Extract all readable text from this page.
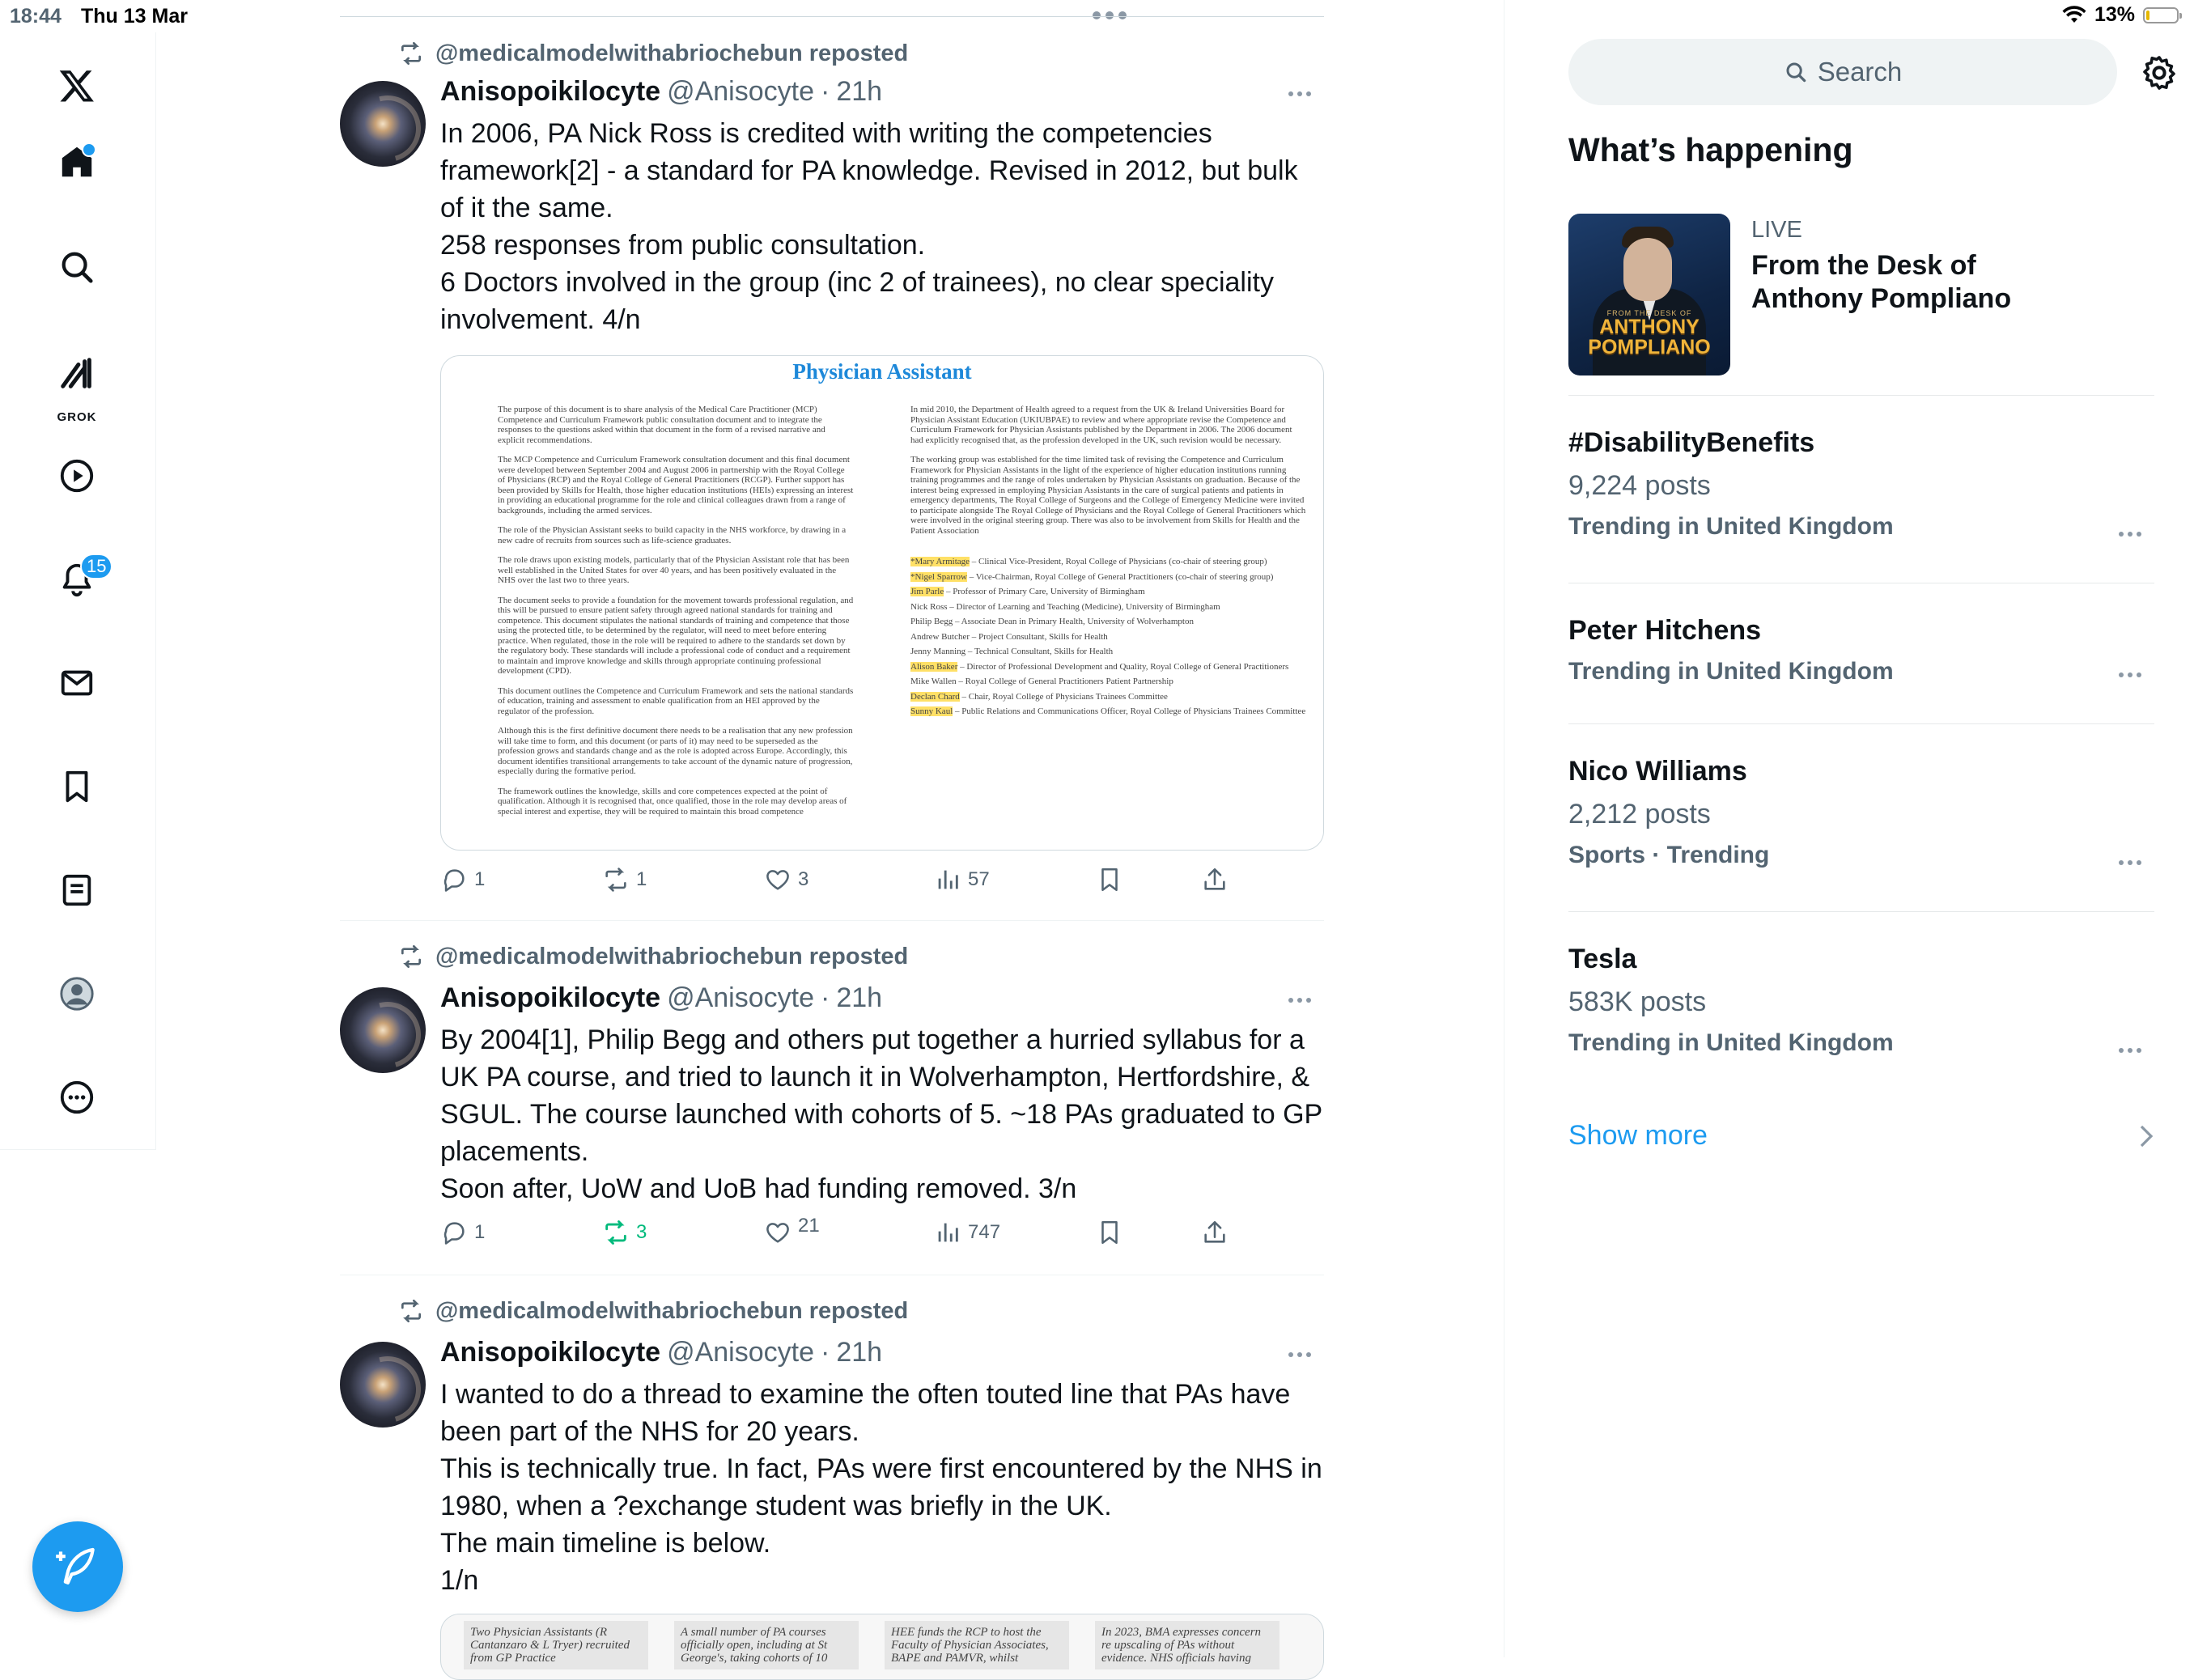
18:44 Thu 13 Mar	13%
GROK
15
@medicalmodelwithabriochebun reposted
Anisopoikilocyte @Anisocyte · 21h
In 2006, PA Nick Ross is credited with writing the competencies framework[2] - a standard for PA knowledge. Revised in 2012, but bulk of it the same.
258 responses from public consultation.
6 Doctors involved in the group (inc 2 of trainees), no clear speciality involvement. 4/n
Physician Assistant

The purpose of this document is to share analysis of the Medical Care Practitioner (MCP) Competence and Curriculum Framework public consultation document and to integrate the responses to the questions asked within that document in the form of a revised narrative and explicit recommendations.

The MCP Competence and Curriculum Framework consultation document and this final document were developed between September 2004 and August 2006 in partnership with the Royal College of Physicians (RCP) and the Royal College of General Practitioners (RCGP). Further support has been provided by Skills for Health, those higher education institutions (HEIs) expressing an interest in providing an educational programme for the role and clinical colleagues drawn from a range of backgrounds, including the armed services.

The role of the Physician Assistant seeks to build capacity in the NHS workforce, by drawing in a new cadre of recruits from sources such as life-science graduates.

The role draws upon existing models, particularly that of the Physician Assistant role that has been well established in the United States for over 40 years, and has been positively evaluated in the NHS over the last two to three years.

The document seeks to provide a foundation for the movement towards professional regulation, and this will be pursued to ensure patient safety through agreed national standards for training and competence. This document stipulates the national standards of training and competence that those using the protected title, to be determined by the regulator, will need to meet before entering practice. When regulated, those in the role will be required to adhere to the standards set down by the regulatory body. These standards will include a professional code of conduct and a requirement to maintain and improve knowledge and skills through appropriate continuing professional development (CPD).

This document outlines the Competence and Curriculum Framework and sets the national standards of education, training and assessment to enable qualification from an HEI approved by the regulator of the profession.

Although this is the first definitive document there needs to be a realisation that any new profession will take time to form, and this document (or parts of it) may need to be superseded as the profession grows and standards change and as the role is adopted across Europe. Accordingly, this document identifies transitional arrangements to take account of the dynamic nature of progression, especially during the formative period.

The framework outlines the knowledge, skills and core competences expected at the point of qualification. Although it is recognised that, once qualified, those in the role may develop areas of special interest and expertise, they will be required to maintain this broad competence

In mid 2010, the Department of Health agreed to a request from the UK & Ireland Universities Board for Physician Assistant Education (UKIUBPAE) to review and where appropriate revise the Competence and Curriculum Framework for Physician Assistants published by the Department in 2006. The 2006 document had explicitly recognised that, as the profession developed in the UK, such revision would be necessary.

The working group was established for the time limited task of revising the Competence and Curriculum Framework for Physician Assistants in the light of the experience of higher education institutions running training programmes and the range of roles undertaken by Physician Assistants on graduation. Because of the interest being expressed in employing Physician Assistants in the care of surgical patients and patients in emergency departments, The Royal College of Surgeons and the College of Emergency Medicine were invited to participate alongside The Royal College of Physicians and the Royal College of General Practitioners which were involved in the original steering group. There was also to be involvement from Skills for Health and the Patient Association

*Mary Armitage – Clinical Vice-President, Royal College of Physicians (co-chair of steering group)

*Nigel Sparrow – Vice-Chairman, Royal College of General Practitioners (co-chair of steering group)

Jim Parle – Professor of Primary Care, University of Birmingham

Nick Ross – Director of Learning and Teaching (Medicine), University of Birmingham

Philip Begg – Associate Dean in Primary Health, University of Wolverhampton

Andrew Butcher – Project Consultant, Skills for Health

Jenny Manning – Technical Consultant, Skills for Health

Alison Baker – Director of Professional Development and Quality, Royal College of General Practitioners

Mike Wallen – Royal College of General Practitioners Patient Partnership

Declan Chard – Chair, Royal College of Physicians Trainees Committee

Sunny Kaul – Public Relations and Communications Officer, Royal College of Physicians Trainees Committee

1	1	3	57
@medicalmodelwithabriochebun reposted
Anisopoikilocyte @Anisocyte · 21h
By 2004[1], Philip Begg and others put together a hurried syllabus for a UK PA course, and tried to launch it in Wolverhampton, Hertfordshire, & SGUL. The course launched with cohorts of 5. ~18 PAs graduated to GP placements.
Soon after, UoW and UoB had funding removed. 3/n
1	3	21	747
@medicalmodelwithabriochebun reposted
Anisopoikilocyte @Anisocyte · 21h
I wanted to do a thread to examine the often touted line that PAs have been part of the NHS for 20 years.
This is technically true. In fact, PAs were first encountered by the NHS in 1980, when a ?exchange student was briefly in the UK.
The main timeline is below.
1/n
Two Physician Assistants (R Cantanzaro & L Tryer) recruited from GP Practice
A small number of PA courses officially open, including at St George's, taking cohorts of 10
HEE funds the RCP to host the Faculty of Physician Associates, BAPE and PAMVR, whilst
In 2023, BMA expresses concern re upscaling of PAs without evidence. NHS officials having
Search
What’s happening
FROM THE DESK OF
ANTHONY POMPLIANO
LIVE
From the Desk of Anthony Pompliano
#DisabilityBenefits
9,224 posts
Trending in United Kingdom
Peter Hitchens
Trending in United Kingdom
Nico Williams
2,212 posts
Sports · Trending
Tesla
583K posts
Trending in United Kingdom
Show more
